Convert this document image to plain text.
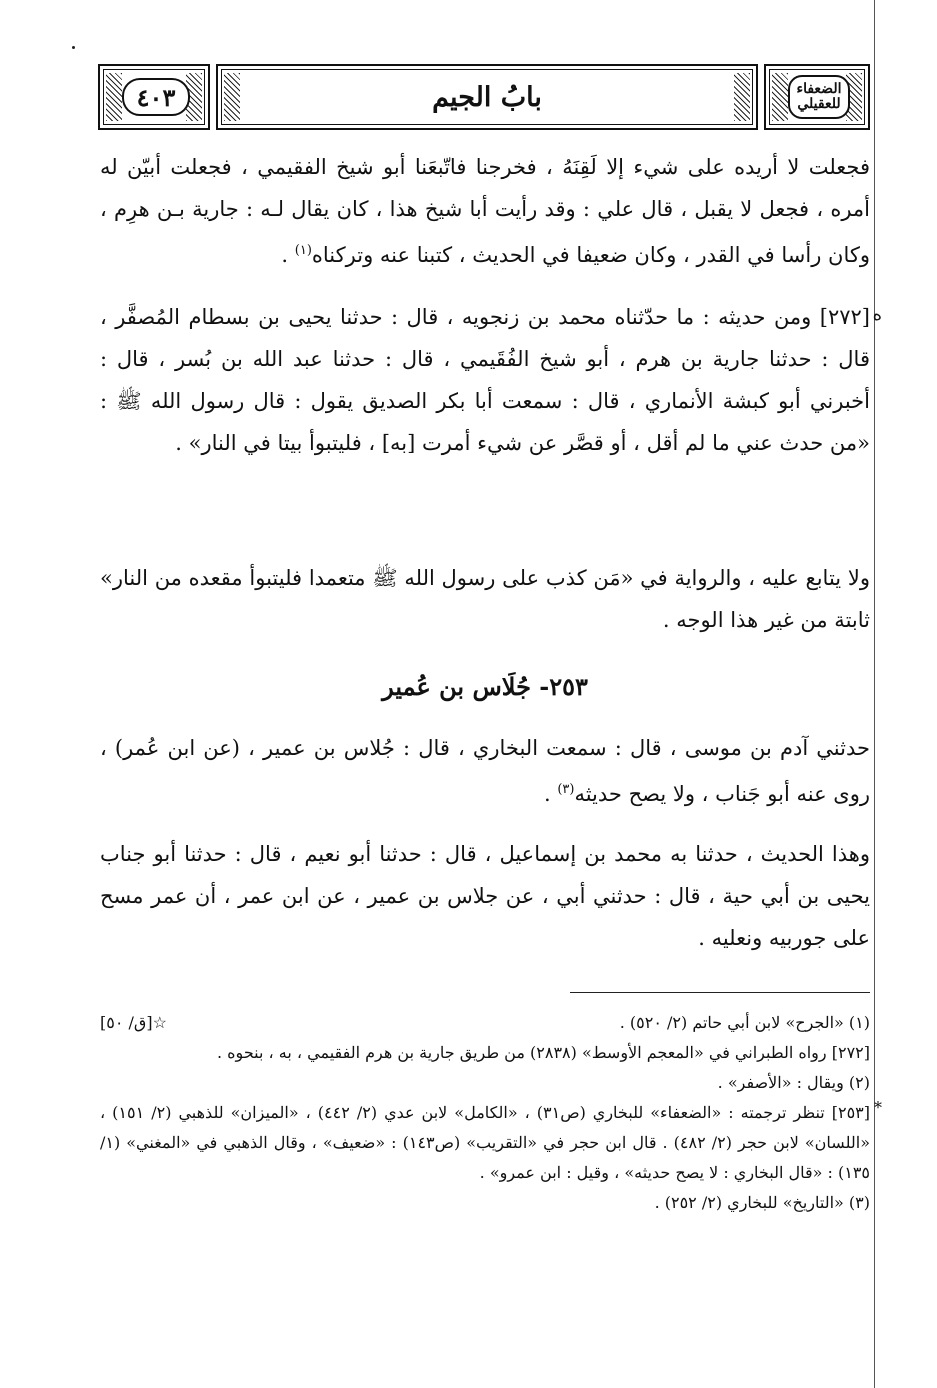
٤٠٣	بابُ الجيم	الضعفاء
للعقيلي

فجعلت لا أريده على شيء إلا لَقِنَهُ ، فخرجنا فاتّبعَنا أبو شيخ الفقيمي ، فجعلت أبيّن له أمره ، فجعل لا يقبل ، قال علي : وقد رأيت أبا شيخ هذا ، كان يقال لـه : جارية بـن هرِم ، وكان رأسا في القدر ، وكان ضعيفا في الحديث ، كتبنا عنه وتركناه$^{(١)}$ .

ه

[٢٧٢] ومن حديثه : ما حدّثناه محمد بن زنجويه ، قال : حدثنا يحيى بن بسطام المُصفَّر ، قال : حدثنا جارية بن هرم ، أبو شيخ الفُقَيمي ، قال : حدثنا عبد الله بن بُسر ، قال : أخبرني أبو كبشة الأنماري ، قال : سمعت أبا بكر الصديق يقول : قال رسول الله ﷺ : «من حدث عني ما لم أقل ، أو قصَّر عن شيء أمرت [به] ، فليتبوأ بيتا في النار» .

ولا يتابع عليه ، والرواية في «مَن كذب على رسول الله ﷺ متعمدا فليتبوأ مقعده من النار» ثابتة من غير هذا الوجه .

٢٥٣- جُلَاس بن عُمير

حدثني آدم بن موسى ، قال : سمعت البخاري ، قال : جُلاس بن عمير ، (عن ابن عُمر) ، روى عنه أبو جَناب ، ولا يصح حديثه$^{(٣)}$ .

وهذا الحديث ، حدثنا به محمد بن إسماعيل ، قال : حدثنا أبو نعيم ، قال : حدثنا أبو جناب يحيى بن أبي حية ، قال : حدثني أبي ، عن جلاس بن عمير ، عن ابن عمر ، أن عمر مسح على جوربيه ونعليه .

(١) «الجرح» لابن أبي حاتم (٢/ ٥٢٠) .
☆[ق/ ٥٠]

[٢٧٢] رواه الطبراني في «المعجم الأوسط» (٢٨٣٨) من طريق جارية بن هرم الفقيمي ، به ، بنحوه .

(٢) ويقال : «الأصفر» .

*

[٢٥٣] تنظر ترجمته : «الضعفاء» للبخاري (ص٣١) ، «الكامل» لابن عدي (٢/ ٤٤٢) ، «الميزان» للذهبي (٢/ ١٥١) ، «اللسان» لابن حجر (٢/ ٤٨٢) . قال ابن حجر في «التقريب» (ص١٤٣) : «ضعيف» ، وقال الذهبي في «المغني» (١/ ١٣٥) : «قال البخاري : لا يصح حديثه» ، وقيل : ابن عمرو» .

(٣) «التاريخ» للبخاري (٢/ ٢٥٢) .
